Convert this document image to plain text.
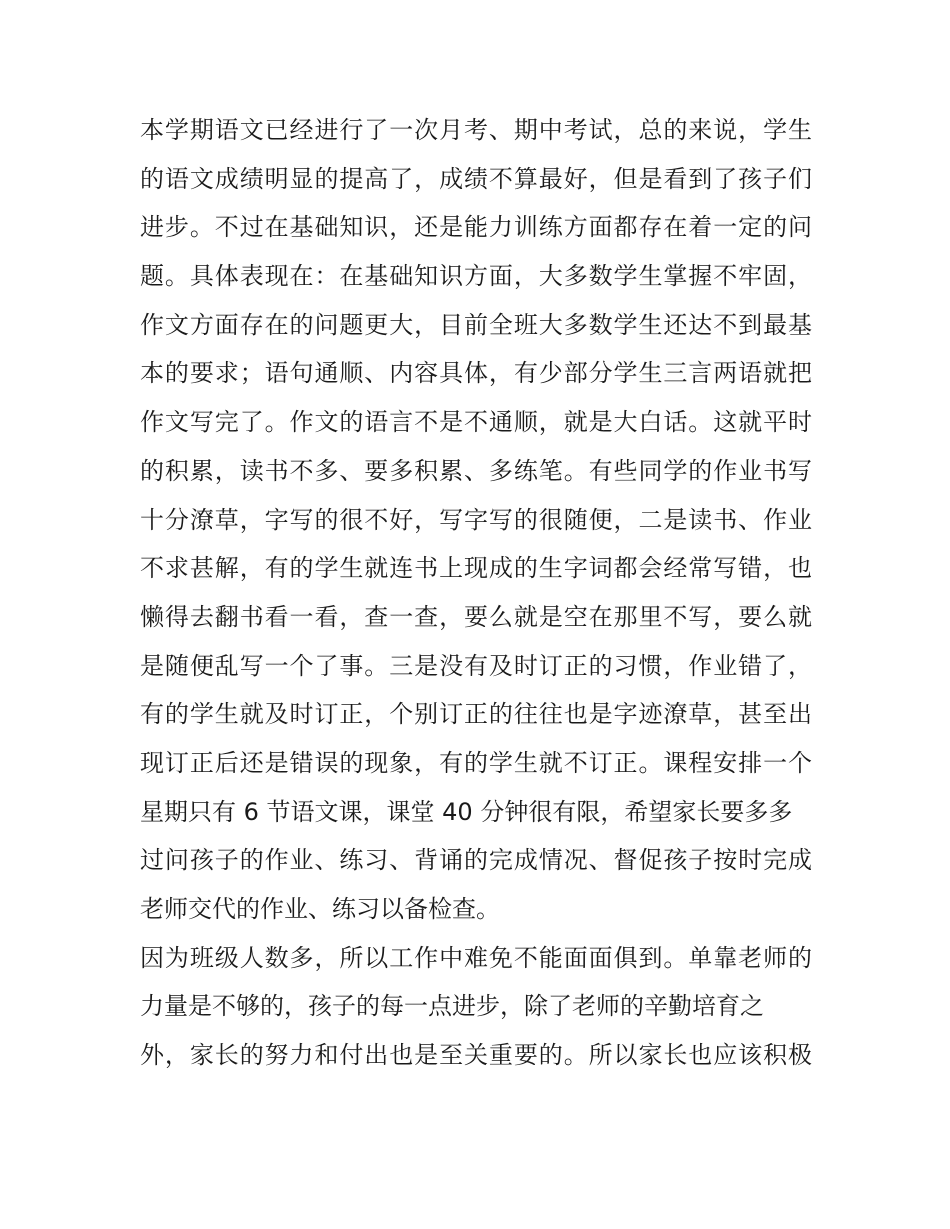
本学期语文已经进行了一次月考、期中考试，总的来说，学生
的语文成绩明显的提高了，成绩不算最好，但是看到了孩子们
进步。不过在基础知识，还是能力训练方面都存在着一定的问
题。具体表现在：在基础知识方面，大多数学生掌握不牢固，
作文方面存在的问题更大，目前全班大多数学生还达不到最基
本的要求；语句通顺、内容具体，有少部分学生三言两语就把
作文写完了。作文的语言不是不通顺，就是大白话。这就平时
的积累，读书不多、要多积累、多练笔。有些同学的作业书写
十分潦草，字写的很不好，写字写的很随便，二是读书、作业
不求甚解，有的学生就连书上现成的生字词都会经常写错，也
懒得去翻书看一看，查一查，要么就是空在那里不写，要么就
是随便乱写一个了事。三是没有及时订正的习惯，作业错了，
有的学生就及时订正，个别订正的往往也是字迹潦草，甚至出
现订正后还是错误的现象，有的学生就不订正。课程安排一个
星期只有 6 节语文课，课堂 40 分钟很有限，希望家长要多多
过问孩子的作业、练习、背诵的完成情况、督促孩子按时完成
老师交代的作业、练习以备检查。
因为班级人数多，所以工作中难免不能面面俱到。单靠老师的
力量是不够的，孩子的每一点进步，除了老师的辛勤培育之
外，家长的努力和付出也是至关重要的。所以家长也应该积极
